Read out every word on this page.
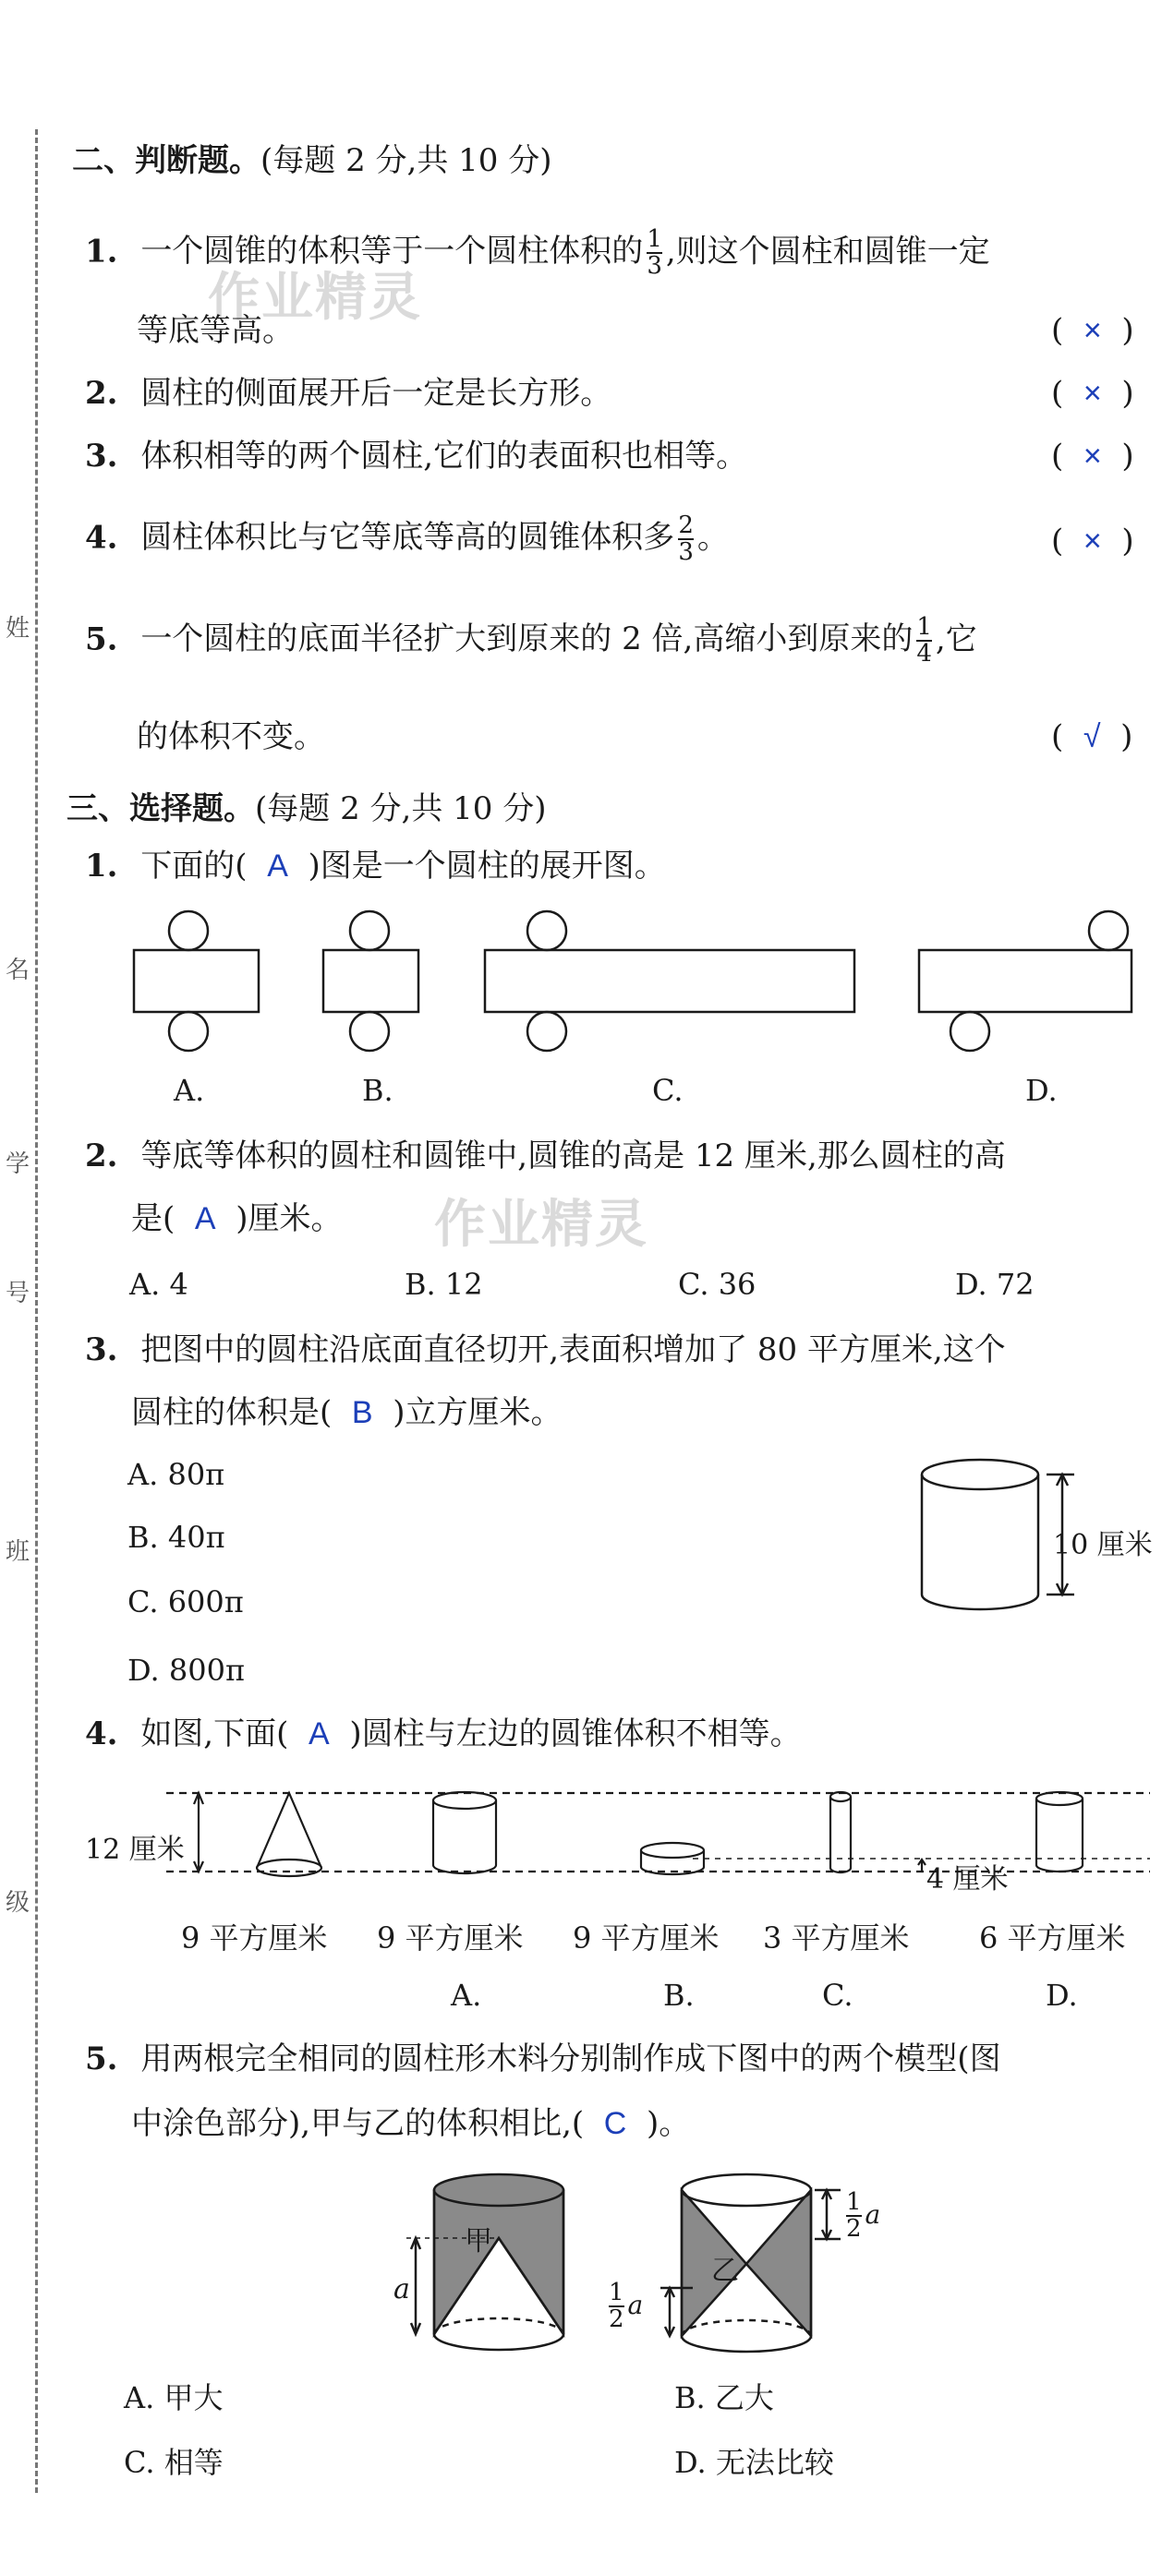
姓
名
学
号
班
级
作业精灵
作业精灵
二、判断题。(每题 2 分,共 10 分)
1. 一个圆锥的体积等于一个圆柱体积的 $\frac{1}{3}$ ,则这个圆柱和圆锥一定
等底等高。	(  ×  )
2. 圆柱的侧面展开后一定是长方形。	(  ×  )
3. 体积相等的两个圆柱,它们的表面积也相等。	(  ×  )
4. 圆柱体积比与它等底等高的圆锥体积多 $\frac{2}{3}$ 。	(  ×  )
5. 一个圆柱的底面半径扩大到原来的 2 倍,高缩小到原来的 $\frac{1}{4}$ ,它
的体积不变。	(  √  )
三、选择题。(每题 2 分,共 10 分)
1. 下面的( A )图是一个圆柱的展开图。
A.	B.	C.	D.
2. 等底等体积的圆柱和圆锥中,圆锥的高是 12 厘米,那么圆柱的高
是( A )厘米。
A. 4	B. 12	C. 36	D. 72
3. 把图中的圆柱沿底面直径切开,表面积增加了 80 平方厘米,这个
圆柱的体积是( B )立方厘米。
A. 80π
B. 40π
C. 600π
D. 800π
10 厘米
4. 如图,下面( A )圆柱与左边的圆锥体积不相等。
12 厘米
4 厘米
9 平方厘米 9 平方厘米 9 平方厘米 3 平方厘米 6 平方厘米
A.	B.	C.	D.
5. 用两根完全相同的圆柱形木料分别制作成下图中的两个模型(图
中涂色部分),甲与乙的体积相比,( C )。
甲
乙
a
$\frac{1}{2}$ a
$\frac{1}{2}$ a
A. 甲大	B. 乙大
C. 相等	D. 无法比较
